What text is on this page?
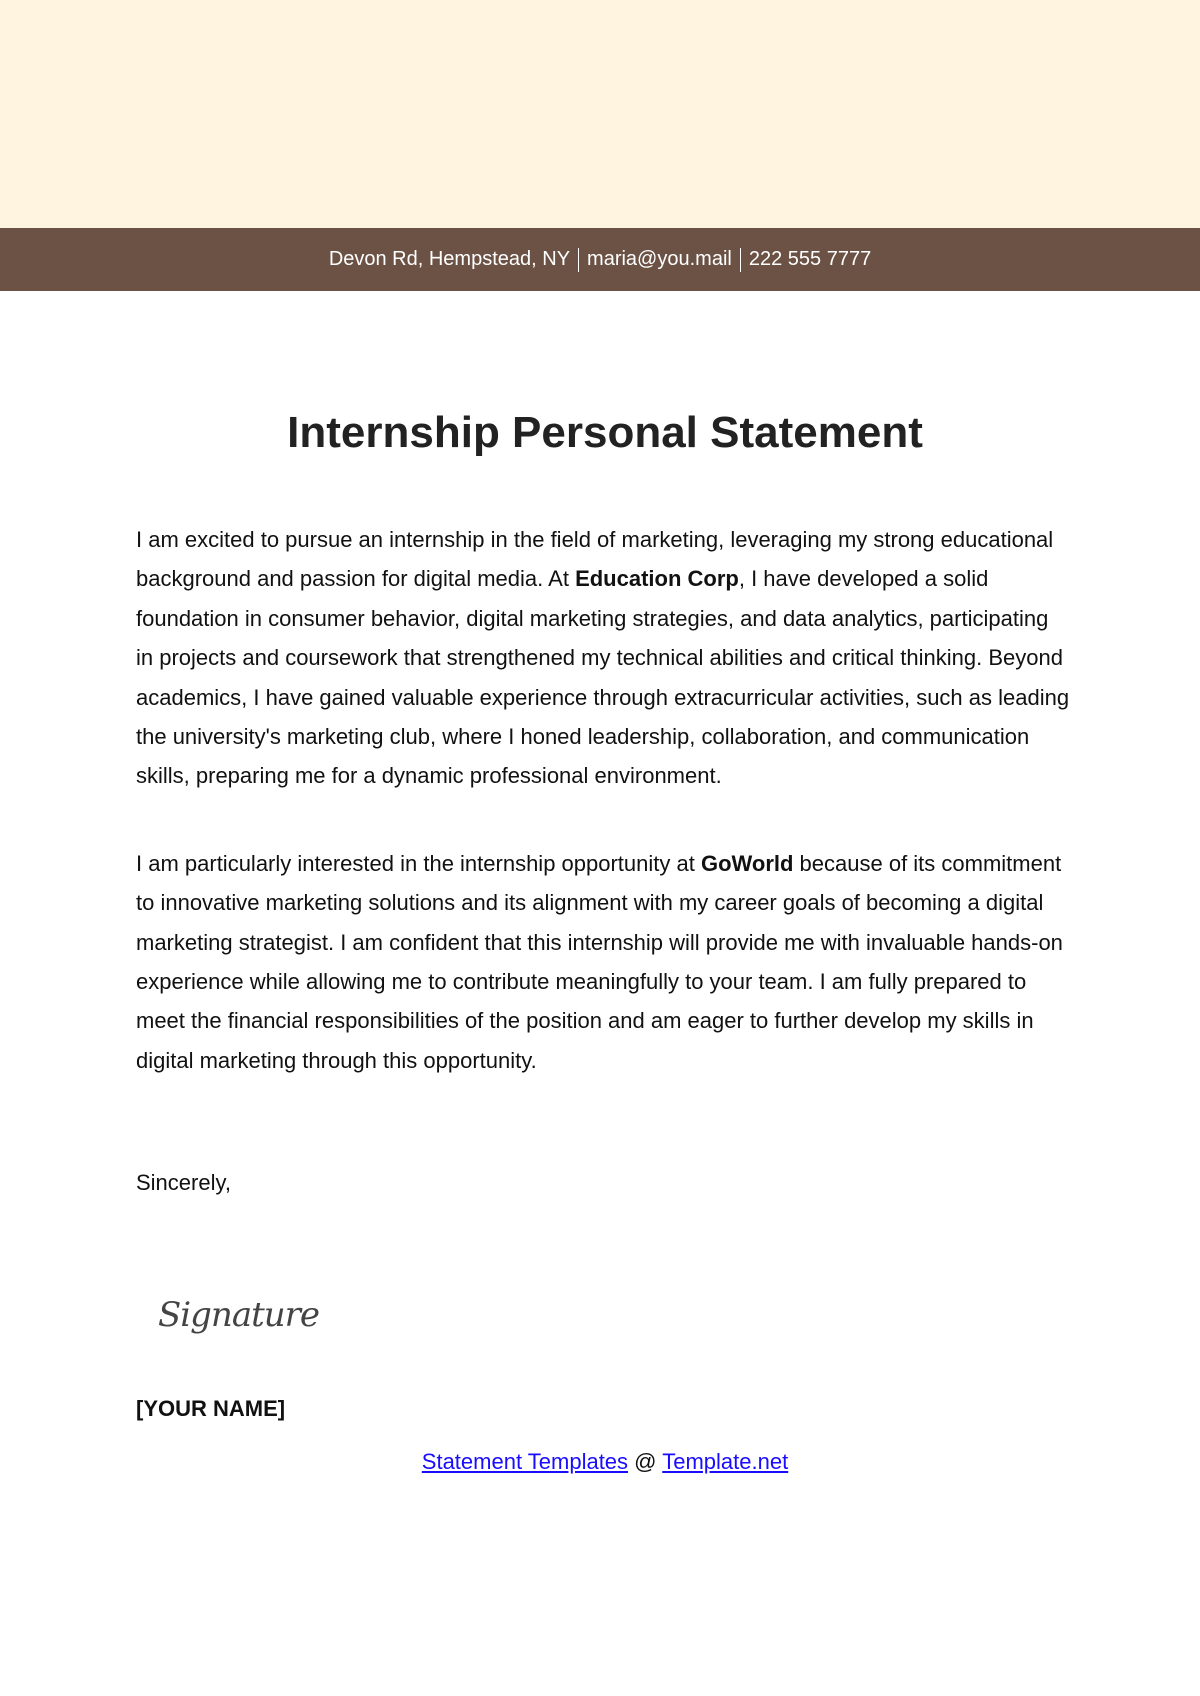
Devon Rd, Hempstead, NY maria@you.mail 222 555 7777
Internship Personal Statement

I am excited to pursue an internship in the field of marketing, leveraging my strong educational background and passion for digital media. At Education Corp, I have developed a solid foundation in consumer behavior, digital marketing strategies, and data analytics, participating in projects and coursework that strengthened my technical abilities and critical thinking. Beyond academics, I have gained valuable experience through extracurricular activities, such as leading the university's marketing club, where I honed leadership, collaboration, and communication skills, preparing me for a dynamic professional environment.

I am particularly interested in the internship opportunity at GoWorld because of its commitment to innovative marketing solutions and its alignment with my career goals of becoming a digital marketing strategist. I am confident that this internship will provide me with invaluable hands-on experience while allowing me to contribute meaningfully to your team. I am fully prepared to meet the financial responsibilities of the position and am eager to further develop my skills in digital marketing through this opportunity.

Sincerely,
Signature
[YOUR NAME]
Statement Templates @ Template.net
